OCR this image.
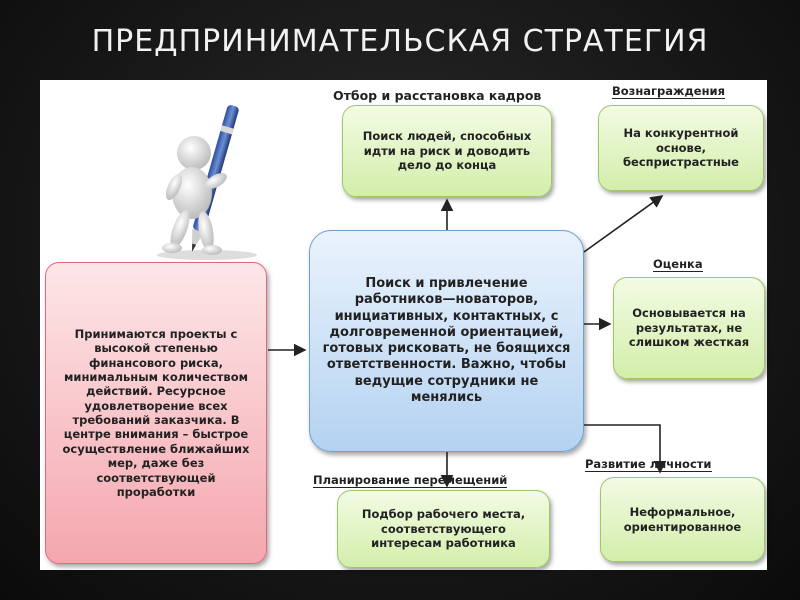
ПРЕДПРИНИМАТЕЛЬСКАЯ СТРАТЕГИЯ
Отбор и расстановка кадров	Вознаграждения
Оценка
Развитие личности
Планирование перемещений
Поиск людей, способных идти на риск и доводить дело до конца
На конкурентной основе, беспристрастные
Поиск и привлечение работников—новаторов, инициативных, контактных, с долговременной ориентацией, готовых рисковать, не боящихся ответственности. Важно, чтобы ведущие сотрудники не менялись
Принимаются проекты с высокой степенью финансового риска, минимальным количеством действий. Ресурсное удовлетворение всех требований заказчика. В центре внимания – быстрое осуществление ближайших мер, даже без соответствующей проработки
Основывается на результатах, не слишком жесткая
Неформальное, ориентированное
Подбор рабочего места, соответствующего интересам работника
